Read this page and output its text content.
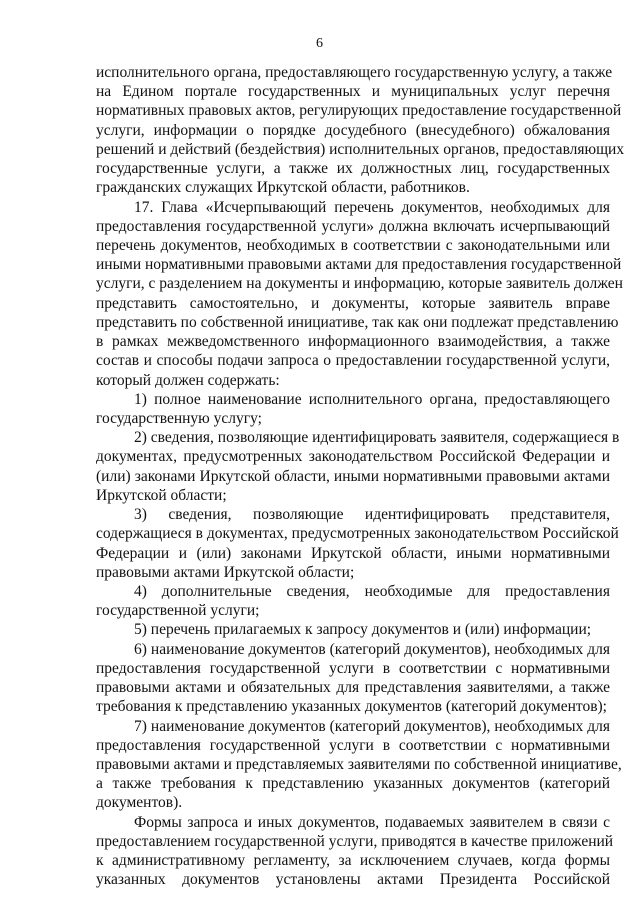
6
исполнительного органа, предоставляющего государственную услугу, а также
на Едином портале государственных и муниципальных услуг перечня
нормативных правовых актов, регулирующих предоставление государственной
услуги, информации о порядке досудебного (внесудебного) обжалования
решений и действий (бездействия) исполнительных органов, предоставляющих
государственные услуги, а также их должностных лиц, государственных
гражданских служащих Иркутской области, работников.
17. Глава «Исчерпывающий перечень документов, необходимых для
предоставления государственной услуги» должна включать исчерпывающий
перечень документов, необходимых в соответствии с законодательными или
иными нормативными правовыми актами для предоставления государственной
услуги, с разделением на документы и информацию, которые заявитель должен
представить самостоятельно, и документы, которые заявитель вправе
представить по собственной инициативе, так как они подлежат представлению
в рамках межведомственного информационного взаимодействия, а также
состав и способы подачи запроса о предоставлении государственной услуги,
который должен содержать:
1) полное наименование исполнительного органа, предоставляющего
государственную услугу;
2) сведения, позволяющие идентифицировать заявителя, содержащиеся в
документах, предусмотренных законодательством Российской Федерации и
(или) законами Иркутской области, иными нормативными правовыми актами
Иркутской области;
3) сведения, позволяющие идентифицировать представителя,
содержащиеся в документах, предусмотренных законодательством Российской
Федерации и (или) законами Иркутской области, иными нормативными
правовыми актами Иркутской области;
4) дополнительные сведения, необходимые для предоставления
государственной услуги;
5) перечень прилагаемых к запросу документов и (или) информации;
6) наименование документов (категорий документов), необходимых для
предоставления государственной услуги в соответствии с нормативными
правовыми актами и обязательных для представления заявителями, а также
требования к представлению указанных документов (категорий документов);
7) наименование документов (категорий документов), необходимых для
предоставления государственной услуги в соответствии с нормативными
правовыми актами и представляемых заявителями по собственной инициативе,
а также требования к представлению указанных документов (категорий
документов).
Формы запроса и иных документов, подаваемых заявителем в связи с
предоставлением государственной услуги, приводятся в качестве приложений
к административному регламенту, за исключением случаев, когда формы
указанных документов установлены актами Президента Российской
